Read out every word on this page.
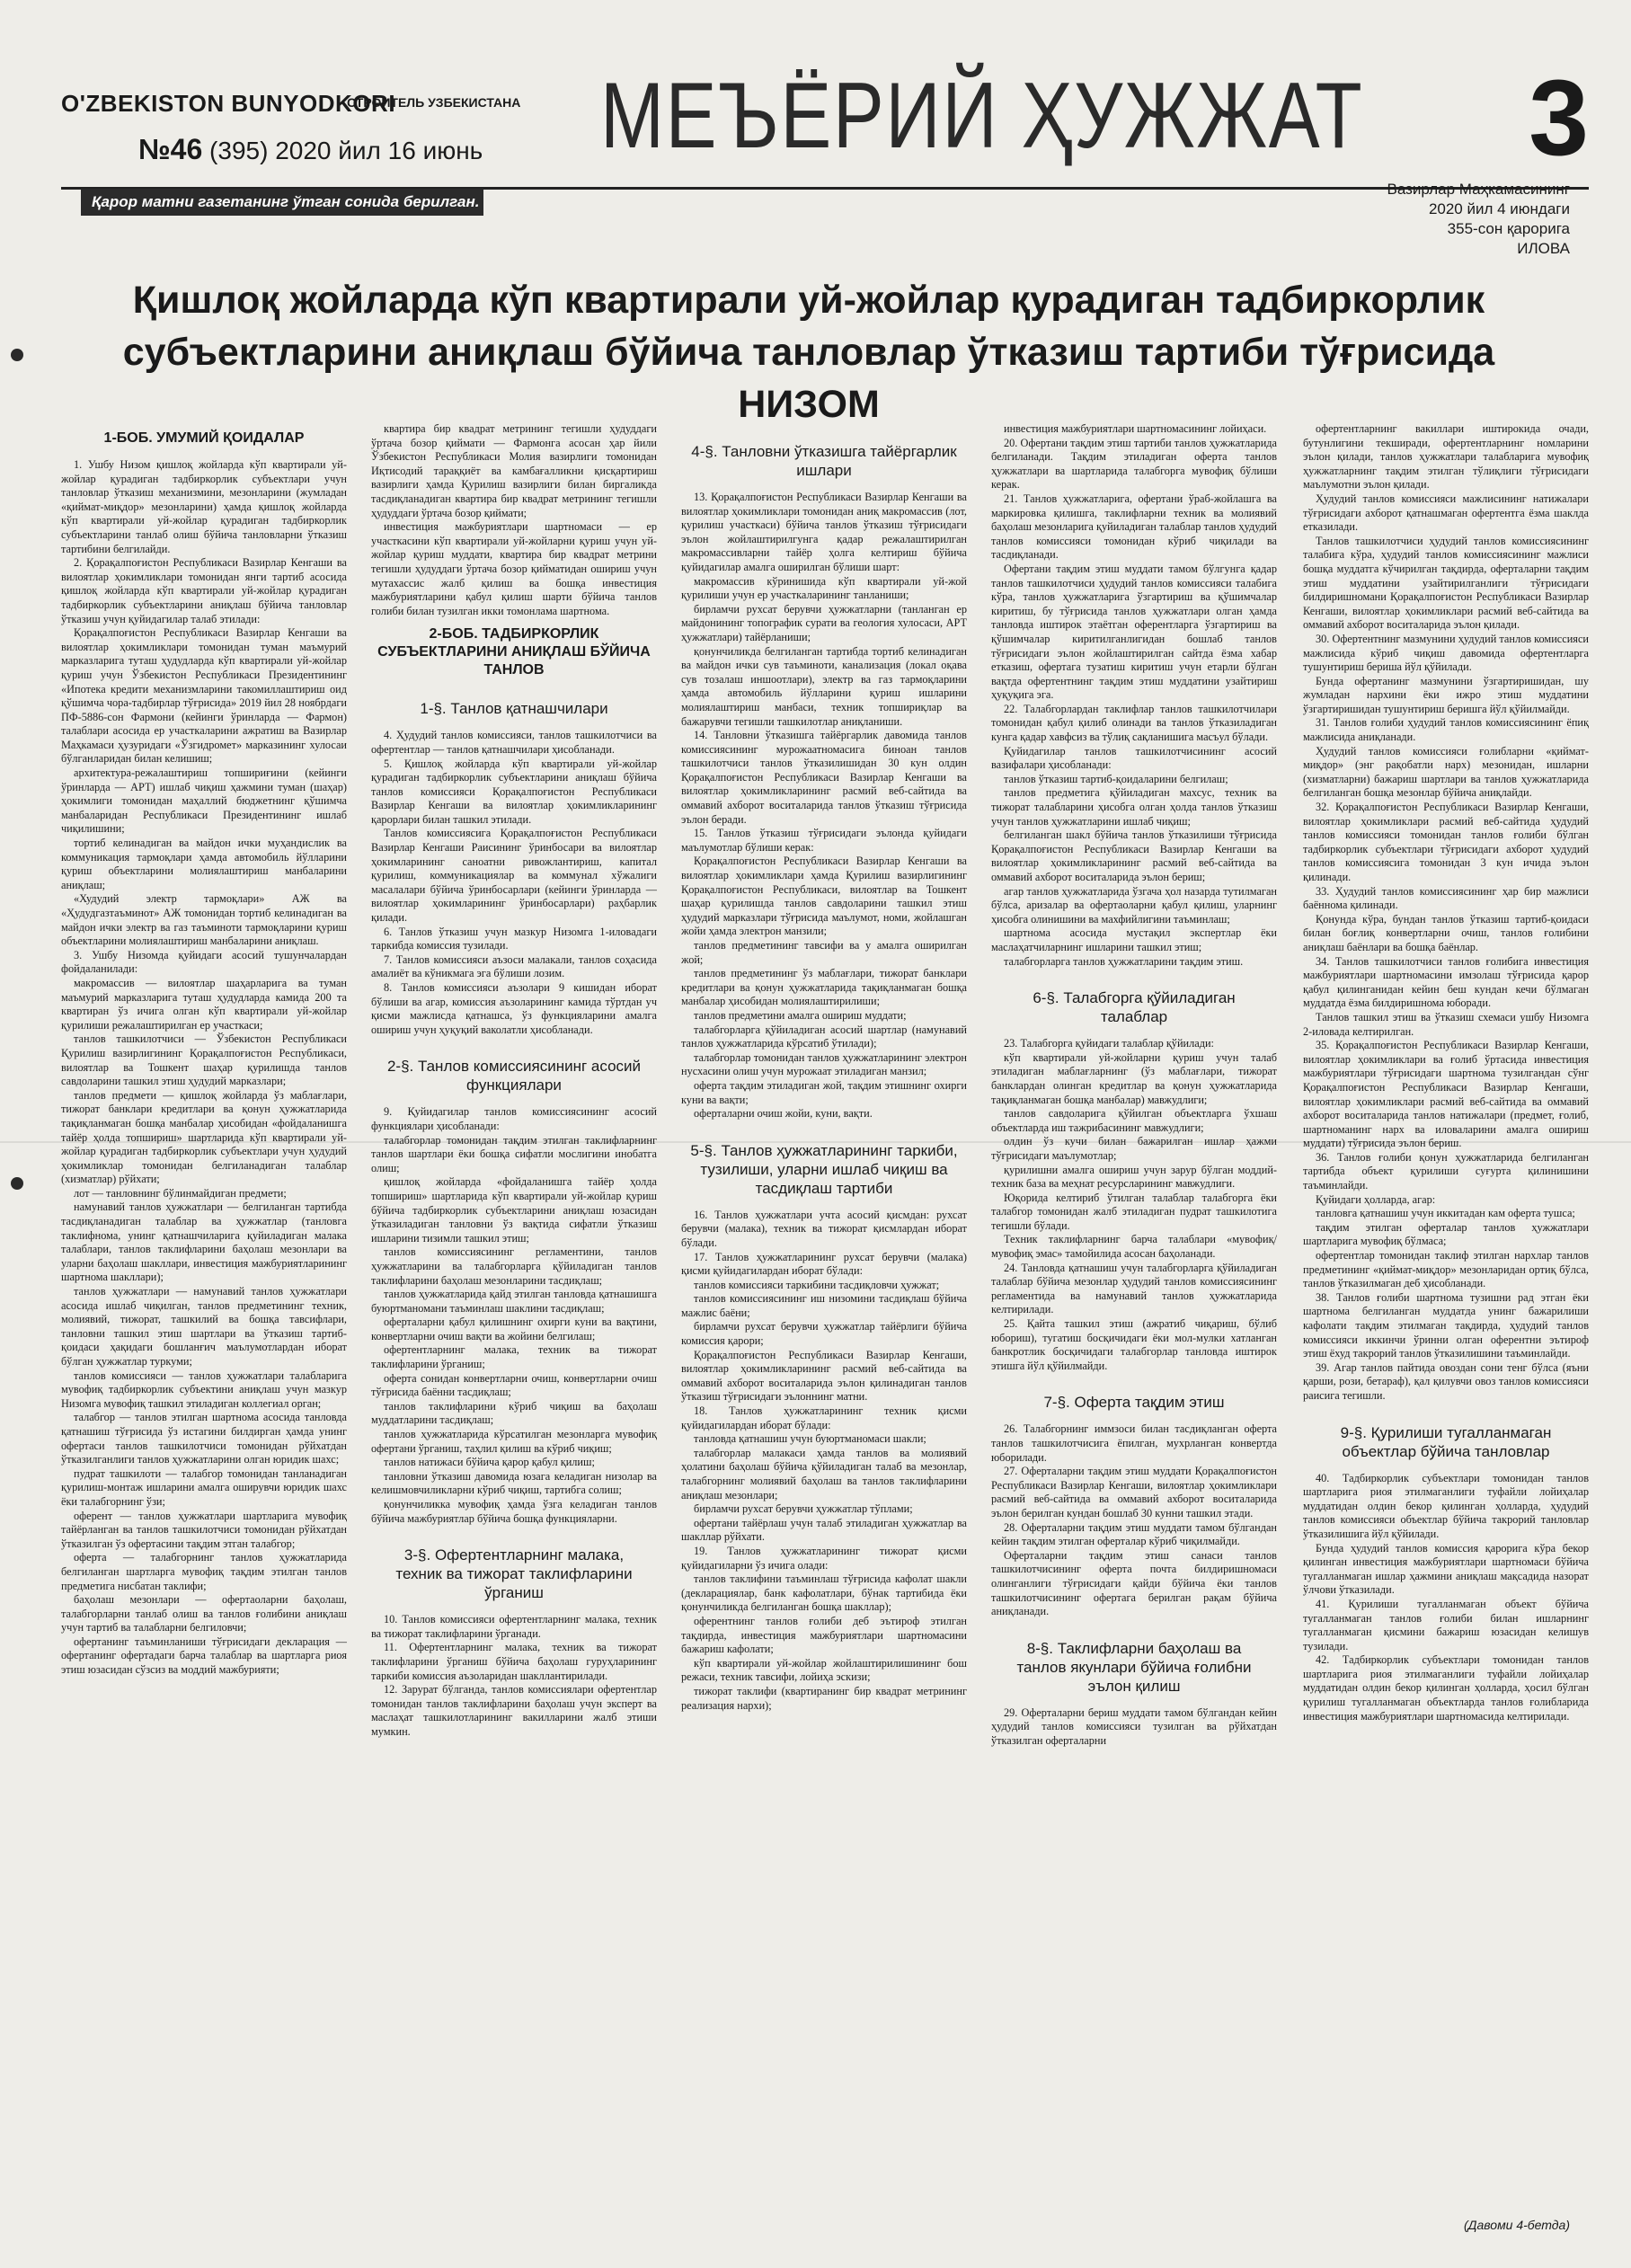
O'ZBEKISTON BUNYODKORI
СТРОИТЕЛЬ УЗБЕКИСТАНА
№46 (395) 2020 йил 16 июнь МЕЪЁРИЙ ҲУЖЖАТ 3
Қарор матни газетанинг ўтган сонида берилган.
Вазирлар Маҳкамасининг
2020 йил 4 июндаги
355-сон қарорига
ИЛОВА
Қишлоқ жойларда кўп квартирали уй-жойлар қурадиган тадбиркорлик
субъектларини аниқлаш бўйича танловлар ўтказиш тартиби тўғрисида
НИЗОМ
1-БОБ. УМУМИЙ ҚОИДАЛАР

1. Ушбу Низом қишлоқ жойларда кўп квартирали уй-жойлар қурадиган тадбиркорлик субъектлари учун танловлар ўтказиш механизмини, мезонларини (жумладан «қиймат-миқдор» мезонларини) ҳамда қишлоқ жойларда кўп квартирали уй-жойлар қурадиган тадбиркорлик субъектларини танлаб олиш бўйича танловларни ўтказиш тартибини белгилайди.

2. Қорақалпоғистон Республикаси Вазирлар Кенгаши ва вилоятлар ҳокимликлари томонидан янги тартиб асосида қишлоқ жойларда кўп квартирали уй-жойлар қурадиган тадбиркорлик субъектларини аниқлаш бўйича танловлар ўтказиш учун қуйидагилар талаб этилади:

Қорақалпоғистон Республикаси Вазирлар Кенгаши ва вилоятлар ҳокимликлари томонидан туман маъмурий марказларига туташ ҳудудларда кўп квартирали уй-жойлар қуриш учун Ўзбекистон Республикаси Президентининг «Ипотека кредити механизмларини такомиллаштириш оид қўшимча чора-тадбирлар тўғрисида» 2019 йил 28 ноябрдаги ПФ-5886-сон Фармони (кейинги ўринларда — Фармон) талаблари асосида ер участкаларини ажратиш ва Вазирлар Маҳкамаси ҳузуридаги «Ўзгидромет» марказининг хулосаи бўлганларидан билан келишиш;

архитектура-режалаштириш топшириғини (кейинги ўринларда — АРТ) ишлаб чиқиш ҳажмини туман (шаҳар) ҳокимлиги томонидан маҳаллий бюджетнинг қўшимча манбаларидан Республикаси Президентининг ишлаб чиқилишини;

тортиб келинадиган ва майдон ички муҳандислик ва коммуникация тармоқлари ҳамда автомобиль йўлларини қуриш объектларини молиялаштириш манбаларини аниқлаш;

«Худудий электр тармоқлари» АЖ ва «Ҳудудгазтаъминот» АЖ томонидан тортиб келинадиган ва майдон ички электр ва газ таъминоти тармоқларини қуриш объектларини молиялаштириш манбаларини аниқлаш.

3. Ушбу Низомда қуйидаги асосий тушунчалардан фойдаланилади:

макромассив — вилоятлар шаҳарларига ва туман маъмурий марказларига туташ ҳудудларда камида 200 та квартиран ўз ичига олган кўп квартирали уй-жойлар қурилиши режалаштирилган ер участкаси;

танлов ташкилотчиси — Ўзбекистон Республикаси Қурилиш вазирлигининг Қорақалпоғистон Республикаси, вилоятлар ва Тошкент шаҳар қурилишда танлов савдоларини ташкил этиш ҳудудий марказлари;

танлов предмети — қишлоқ жойларда ўз маблағлари, тижорат банклари кредитлари ва қонун ҳужжатларида тақиқланмаган бошқа манбалар ҳисобидан «фойдаланишга тайёр ҳолда топшириш» шартларида кўп квартирали уй-жойлар қурадиган тадбиркорлик субъектлари учун ҳудудий ҳокимликлар томонидан белгиланадиган талаблар (хизматлар) рўйхати;

лот — танловнинг бўлинмайдиган предмети;

намунавий танлов ҳужжатлари — белгиланган тартибда тасдиқланадиган талаблар ва ҳужжатлар (танловга таклифнома, унинг қатнашчиларига қуйиладиган малака талаблари, танлов таклифларини баҳолаш мезонлари ва уларни баҳолаш шакллари, инвестиция мажбуриятларининг шартнома шакллари);

танлов ҳужжатлари — намунавий танлов ҳужжатлари асосида ишлаб чиқилган, танлов предметининг техник, молиявий, тижорат, ташкилий ва бошқа тавсифлари, танловни ташкил этиш шартлари ва ўтказиш тартиб-қоидаси ҳақидаги бошланғич маълумотлардан иборат бўлган ҳужжатлар туркуми;

танлов комиссияси — танлов ҳужжатлари талабларига мувофиқ тадбиркорлик субъектини аниқлаш учун мазкур Низомга мувофиқ ташкил этиладиган коллегиал орган;

талабгор — танлов этилган шартнома асосида танловда қатнашиш тўғрисида ўз истагини билдирган ҳамда унинг офертаси танлов ташкилотчиси томонидан рўйхатдан ўтказилганлиги танлов ҳужжатларини олган юридик шахс;

пудрат ташкилоти — талабгор томонидан танланадиган қурилиш-монтаж ишларини амалга оширувчи юридик шахс ёки талабгорнинг ўзи;

оферент — танлов ҳужжатлари шартларига мувофиқ тайёрланган ва танлов ташкилотчиси томонидан рўйхатдан ўтказилган ўз офертасини тақдим этган талабгор;

оферта — талабгорнинг танлов ҳужжатларида белгиланган шартларга мувофиқ тақдим этилган танлов предметига нисбатан таклифи;

баҳолаш мезонлари — офертаоларни баҳолаш, талабгорларни танлаб олиш ва танлов ғолибини аниқлаш учун тартиб ва талабларни белгиловчи;

офертанинг таъминланиши тўғрисидаги декларация — офертанинг офертадаги барча талаблар ва шартларга риоя этиш юзасидан сўзсиз ва моддий мажбурияти;

квартира бир квадрат метрининг тегишли ҳудуддаги ўртача бозор қиймати — Фармонга асосан ҳар йили Ўзбекистон Республикаси Молия вазирлиги томонидан Иқтисодий тараққиёт ва камбағалликни қисқартириш вазирлиги ҳамда Қурилиш вазирлиги билан биргаликда тасдиқланадиган квартира бир квадрат метрининг тегишли ҳудуддаги ўртача бозор қиймати;

инвестиция мажбуриятлари шартномаси — ер участкасини кўп квартирали уй-жойларни қуриш учун уй-жойлар қуриш муддати, квартира бир квадрат метрини тегишли ҳудуддаги ўртача бозор қийматидан ошириш учун мутахассис жалб қилиш ва бошқа инвестиция мажбуриятларини қабул қилиш шарти бўйича танлов голиби билан тузилган икки томонлама шартнома.

2-БОБ. ТАДБИРКОРЛИК СУБЪЕКТЛАРИНИ АНИҚЛАШ БЎЙИЧА ТАНЛОВ
1-§. Танлов қатнашчилари

4. Ҳудудий танлов комиссияси, танлов ташкилотчиси ва офертентлар — танлов қатнашчилари ҳисобланади.

5. Қишлоқ жойларда кўп квартирали уй-жойлар қурадиган тадбиркорлик субъектларини аниқлаш бўйича танлов комиссияси Қорақалпоғистон Республикаси Вазирлар Кенгаши ва вилоятлар ҳокимликларининг қарорлари билан ташкил этилади.

Танлов комиссиясига Қорақалпоғистон Республикаси Вазирлар Кенгаши Раисининг ўринбосари ва вилоятлар ҳокимларининг саноатни ривожлантириш, капитал қурилиш, коммуникациялар ва коммунал хўжалиги масалалари бўйича ўринбосарлари (кейинги ўринларда — вилоятлар ҳокимларининг ўринбосарлари) раҳбарлик қилади.

6. Танлов ўтказиш учун мазкур Низомга 1-иловадаги таркибда комиссия тузилади.

7. Танлов комиссияси аъзоси малакали, танлов соҳасида амалиёт ва кўникмага эга бўлиши лозим.

8. Танлов комиссияси аъзолари 9 кишидан иборат бўлиши ва агар, комиссия аъзоларининг камида тўртдан уч қисми мажлисда қатнашса, ўз функцияларини амалга ошириш учун ҳуқуқий ваколатли ҳисобланади.

2-§. Танлов комиссиясининг асосий функциялари

9. Қуйидагилар танлов комиссиясининг асосий функциялари ҳисобланади:

талабгорлар томонидан тақдим этилган таклифларнинг танлов шартлари ёки бошқа сифатли мослигини инобатга олиш;

қишлоқ жойларда «фойдаланишга тайёр ҳолда топшириш» шартларида кўп квартирали уй-жойлар қуриш бўйича тадбиркорлик субъектларини аниқлаш юзасидан ўтказиладиган танловни ўз вақтида сифатли ўтказиш ишларини тизимли ташкил этиш;

танлов комиссиясининг регламентини, танлов ҳужжатларини ва талабгорларга қўйиладиган танлов таклифларини баҳолаш мезонларини тасдиқлаш;

танлов ҳужжатларида қайд этилган танловда қатнашишга буюртманомани таъминлаш шаклини тасдиқлаш;

оферталарни қабул қилишнинг охирги куни ва вақтини, конвертларни очиш вақти ва жойини белгилаш;

офертентларнинг малака, техник ва тижорат таклифларини ўрганиш;

оферта сонидан конвертларни очиш, конвертларни очиш тўғрисида баённи тасдиқлаш;

танлов таклифларини кўриб чиқиш ва баҳолаш муддатларини тасдиқлаш;

танлов ҳужжатларида кўрсатилган мезонларга мувофиқ офертани ўрганиш, таҳлил қилиш ва кўриб чиқиш;

танлов натижаси бўйича қарор қабул қилиш;

танловни ўтказиш давомида юзага келадиган низолар ва келишмовчиликларни кўриб чиқиш, тартибга солиш;

қонунчиликка мувофиқ ҳамда ўзга келадиган танлов бўйича мажбуриятлар бўйича бошқа функцияларни.

3-§. Офертентларнинг малака, техник ва тижорат таклифларини ўрганиш

10. Танлов комиссияси офертентларнинг малака, техник ва тижорат таклифларини ўрганади.

11. Офертентларнинг малака, техник ва тижорат таклифларини ўрганиш бўйича баҳолаш гуруҳларининг таркиби комиссия аъзоларидан шакллантирилади.

12. Зарурат бўлганда, танлов комиссиялари офертентлар томонидан танлов таклифларини баҳолаш учун эксперт ва маслаҳат ташкилотларининг вакилларини жалб этиши мумкин.

4-§. Танловни ўтказишга тайёргарлик ишлари

13. Қорақалпоғистон Республикаси Вазирлар Кенгаши ва вилоятлар ҳокимликлари томонидан аниқ макромассив (лот, қурилиш участкаси) бўйича танлов ўтказиш тўғрисидаги эълон жойлаштирилгунга қадар режалаштирилган макромассивларни тайёр ҳолга келтириш бўйича қуйидагилар амалга оширилган бўлиши шарт:

макромассив кўринишида кўп квартирали уй-жой қурилиши учун ер участкаларининг танланиши;

бирламчи рухсат берувчи ҳужжатларни (танланган ер майдонининг топографик сурати ва геология хулосаси, АРТ ҳужжатлари) тайёрланиши;

қонунчиликда белгиланган тартибда тортиб келинадиган ва майдон ички сув таъминоти, канализация (локал оқава сув тозалаш иншоотлари), электр ва газ тармоқларини ҳамда автомобиль йўлларини қуриш ишларини молиялаштириш манбаси, техник топшириқлар ва бажарувчи тегишли ташкилотлар аниқланиши.

14. Танловни ўтказишга тайёргарлик давомида танлов комиссиясининг мурожаатномасига биноан танлов ташкилотчиси танлов ўтказилишидан 30 кун олдин Қорақалпоғистон Республикаси Вазирлар Кенгаши ва вилоятлар ҳокимликларининг расмий веб-сайтида ва оммавий ахборот воситаларида танлов ўтказиш тўғрисида эълон беради.

15. Танлов ўтказиш тўғрисидаги эълонда қуйидаги маълумотлар бўлиши керак:

Қорақалпоғистон Республикаси Вазирлар Кенгаши ва вилоятлар ҳокимликлари ҳамда Қурилиш вазирлигининг Қорақалпоғистон Республикаси, вилоятлар ва Тошкент шаҳар қурилишда танлов савдоларини ташкил этиш ҳудудий марказлари тўғрисида маълумот, номи, жойлашган жойи ҳамда электрон манзили;

танлов предметининг тавсифи ва у амалга оширилган жой;

танлов предметининг ўз маблағлари, тижорат банклари кредитлари ва қонун ҳужжатларида тақиқланмаган бошқа манбалар ҳисобидан молиялаштирилиши;

танлов предметини амалга ошириш муддати;

талабгорларга қўйиладиган асосий шартлар (намунавий танлов ҳужжатларида кўрсатиб ўтилади);

талабгорлар томонидан танлов ҳужжатларининг электрон нусхасини олиш учун мурожаат этиладиган манзил;

оферта тақдим этиладиган жой, тақдим этишнинг охирги куни ва вақти;

оферталарни очиш жойи, куни, вақти.

5-§. Танлов ҳужжатларининг таркиби, тузилиши, уларни ишлаб чиқиш ва тасдиқлаш тартиби

16. Танлов ҳужжатлари учта асосий қисмдан: рухсат берувчи (малака), техник ва тижорат қисмлардан иборат бўлади.

17. Танлов ҳужжатларининг рухсат берувчи (малака) қисми қуйидагилардан иборат бўлади:

танлов комиссияси таркибини тасдиқловчи ҳужжат;

танлов комиссиясининг иш низомини тасдиқлаш бўйича мажлис баёни;

бирламчи рухсат берувчи ҳужжатлар тайёрлиги бўйича комиссия қарори;

Қорақалпоғистон Республикаси Вазирлар Кенгаши, вилоятлар ҳокимликларининг расмий веб-сайтида ва оммавий ахборот воситаларида эълон қилинадиган танлов ўтказиш тўғрисидаги эълоннинг матни.

18. Танлов ҳужжатларининг техник қисми қуйидагилардан иборат бўлади:

танловда қатнашиш учун буюртманомаси шакли;

талабгорлар малакаси ҳамда танлов ва молиявий ҳолатини баҳолаш бўйича қўйиладиган талаб ва мезонлар, талабгорнинг молиявий баҳолаш ва танлов таклифларини аниқлаш мезонлари;

бирламчи рухсат берувчи ҳужжатлар тўплами;

офертани тайёрлаш учун талаб этиладиган ҳужжатлар ва шакллар рўйхати.

19. Танлов ҳужжатларининг тижорат қисми қуйидагиларни ўз ичига олади:

танлов таклифини таъминлаш тўғрисида кафолат шакли (декларациялар, банк кафолатлари, бўнак тартибида ёки қонунчиликда белгиланган бошқа шакллар);

оферентнинг танлов ғолиби деб эътироф этилган тақдирда, инвестиция мажбуриятлари шартномасини бажариш кафолати;

кўп квартирали уй-жойлар жойлаштирилишининг бош режаси, техник тавсифи, лойиҳа эскизи;

тижорат таклифи (квартиранинг бир квадрат метрининг реализация нархи);

инвестиция мажбуриятлари шартномасининг лойиҳаси.

20. Офертани тақдим этиш тартиби танлов ҳужжатларида белгиланади. Тақдим этиладиган оферта танлов ҳужжатлари ва шартларида талабгорга мувофиқ бўлиши керак.

21. Танлов ҳужжатларига, офертани ўраб-жойлашга ва маркировка қилишга, таклифларни техник ва молиявий баҳолаш мезонларига қуйиладиган талаблар танлов ҳудудий танлов комиссияси томонидан кўриб чиқилади ва тасдиқланади.

Офертани тақдим этиш муддати тамом бўлгунга қадар танлов ташкилотчиси ҳудудий танлов комиссияси талабига кўра, танлов ҳужжатларига ўзгартириш ва қўшимчалар киритиш, бу тўғрисида танлов ҳужжатлари олган ҳамда танловда иштирок этаётган оферентларга ўзгартириш ва қўшимчалар киритилганлигидан бошлаб танлов тўғрисидаги эълон жойлаштирилган сайтда ёзма хабар етказиш, офертага тузатиш киритиш учун етарли бўлган вақтда офертентнинг тақдим этиш муддатини узайтириш ҳуқуқига эга.

22. Талабгорлардан таклифлар танлов ташкилотчилари томонидан қабул қилиб олинади ва танлов ўтказиладиган кунга қадар хавфсиз ва тўлиқ сақланишига масъул бўлади.

Қуйидагилар танлов ташкилотчисининг асосий вазифалари ҳисобланади:

танлов ўтказиш тартиб-қоидаларини белгилаш;

танлов предметига қўйиладиган махсус, техник ва тижорат талабларини ҳисобга олган ҳолда танлов ўтказиш учун танлов ҳужжатларини ишлаб чиқиш;

белгиланган шакл бўйича танлов ўтказилиши тўғрисида Қорақалпоғистон Республикаси Вазирлар Кенгаши ва вилоятлар ҳокимликларининг расмий веб-сайтида ва оммавий ахборот воситаларида эълон бериш;

агар танлов ҳужжатларида ўзгача ҳол назарда тутилмаган бўлса, аризалар ва офертаоларни қабул қилиш, уларнинг ҳисобга олинишини ва махфийлигини таъминлаш;

шартнома асосида мустақил экспертлар ёки маслаҳатчиларнинг ишларини ташкил этиш;

талабгорларга танлов ҳужжатларини тақдим этиш.

6-§. Талабгорга қўйиладиган талаблар

23. Талабгорга қуйидаги талаблар қўйилади:

кўп квартирали уй-жойларни қуриш учун талаб этиладиган маблағларнинг (ўз маблағлари, тижорат банклардан олинган кредитлар ва қонун ҳужжатларида тақиқланмаган бошқа манбалар) мавжудлиги;

танлов савдоларига қўйилган объектларга ўхшаш объектларда иш тажрибасининг мавжудлиги;

олдин ўз кучи билан бажарилган ишлар ҳажми тўғрисидаги маълумотлар;

қурилишни амалга ошириш учун зарур бўлган моддий-техник база ва меҳнат ресурсларининг мавжудлиги.

Юқорида келтириб ўтилган талаблар талабгорга ёки талабгор томонидан жалб этиладиган пудрат ташкилотига тегишли бўлади.

Техник таклифларнинг барча талаблари «мувофиқ/мувофиқ эмас» тамойилида асосан баҳоланади.

24. Танловда қатнашиш учун талабгорларга қўйиладиган талаблар бўйича мезонлар ҳудудий танлов комиссиясининг регламентида ва намунавий танлов ҳужжатларида келтирилади.

25. Қайта ташкил этиш (ажратиб чиқариш, бўлиб юбориш), тугатиш босқичидаги ёки мол-мулки хатланган банкротлик босқичидаги талабгорлар танловда иштирок этишга йўл қўйилмайди.

7-§. Оферта тақдим этиш

26. Талабгорнинг иммзоси билан тасдиқланган оферта танлов ташкилотчисига ёпилган, мухрланган конвертда юборилади.

27. Оферталарни тақдим этиш муддати Қорақалпоғистон Республикаси Вазирлар Кенгаши, вилоятлар ҳокимликлари расмий веб-сайтида ва оммавий ахборот воситаларида эълон берилган кундан бошлаб 30 кунни ташкил этади.

28. Оферталарни тақдим этиш муддати тамом бўлгандан кейин тақдим этилган оферталар кўриб чиқилмайди.

Оферталарни тақдим этиш санаси танлов ташкилотчисининг оферта почта билдиришномаси олинганлиги тўғрисидаги қайди бўйича ёки танлов ташкилотчисининг офертага берилган рақам бўйича аниқланади.

8-§. Таклифларни баҳолаш ва танлов якунлари бўйича ғолибни эълон қилиш

29. Оферталарни бериш муддати тамом бўлгандан кейин ҳудудий танлов комиссияси тузилган ва рўйхатдан ўтказилган оферталарни

офертентларнинг вакиллари иштирокида очади, бутунлигини текширади, офертентларнинг номларини эълон қилади, танлов ҳужжатлари талабларига мувофиқ ҳужжатларнинг тақдим этилган тўлиқлиги тўғрисидаги маълумотни эълон қилади.

Ҳудудий танлов комиссияси мажлисининг натижалари тўғрисидаги ахборот қатнашмаган офертентга ёзма шаклда етказилади.

Танлов ташкилотчиси ҳудудий танлов комиссиясининг талабига кўра, ҳудудий танлов комиссиясининг мажлиси бошқа муддатга кўчирилган тақдирда, оферталарни тақдим этиш муддатини узайтирилганлиги тўғрисидаги билдиришномани Қорақалпоғистон Республикаси Вазирлар Кенгаши, вилоятлар ҳокимликлари расмий веб-сайтида ва оммавий ахборот воситаларида эълон қилади.

30. Офертентнинг мазмунини ҳудудий танлов комиссияси мажлисида кўриб чиқиш давомида офертентларга тушунтириш бериша йўл қўйилади.

Бунда офертанинг мазмунини ўзгартиришидан, шу жумладан нархини ёки ижро этиш муддатини ўзгартиришидан тушунтириш беришга йўл қўйилмайди.

31. Танлов ғолиби ҳудудий танлов комиссиясининг ёпиқ мажлисида аниқланади.

Ҳудудий танлов комиссияси ғолибларни «қиймат-миқдор» (энг рақобатли нарх) мезонидан, ишларни (хизматларни) бажариш шартлари ва танлов ҳужжатларида белгиланган бошқа мезонлар бўйича аниқлайди.

32. Қорақалпоғистон Республикаси Вазирлар Кенгаши, вилоятлар ҳокимликлари расмий веб-сайтида ҳудудий танлов комиссияси томонидан танлов ғолиби бўлган тадбиркорлик субъектлари тўғрисидаги ахборот ҳудудий танлов комиссиясига томонидан 3 кун ичида эълон қилинади.

33. Ҳудудий танлов комиссиясининг ҳар бир мажлиси баённома қилинади.

Қонунда кўра, бундан танлов ўтказиш тартиб-қоидаси билан боғлиқ конвертларни очиш, танлов ғолибини аниқлаш баёнлари ва бошқа баёнлар.

34. Танлов ташкилотчиси танлов ғолибига инвестиция мажбуриятлари шартномасини имзолаш тўғрисида қарор қабул қилинганидан кейин беш кундан кечи бўлмаган муддатда ёзма билдиришнома юборади.

Танлов ташкил этиш ва ўтказиш схемаси ушбу Низомга 2-иловада келтирилган.

35. Қорақалпоғистон Республикаси Вазирлар Кенгаши, вилоятлар ҳокимликлари ва ғолиб ўртасида инвестиция мажбуриятлари тўғрисидаги шартнома тузилгандан сўнг Қорақалпоғистон Республикаси Вазирлар Кенгаши, вилоятлар ҳокимликлари расмий веб-сайтида ва оммавий ахборот воситаларида танлов натижалари (предмет, ғолиб, шартноманинг нарх ва иловаларини амалга ошириш муддати) тўғрисида эълон бериш.

36. Танлов ғолиби қонун ҳужжатларида белгиланган тартибда объект қурилиши суғурта қилинишини таъминлайди.

Қуйидаги ҳолларда, агар:

танловга қатнашиш учун иккитадан кам офертa тушса;

тақдим этилган оферталар танлов ҳужжатлари шартларига мувофиқ бўлмаса;

офертентлар томонидан таклиф этилган нархлар танлов предметининг «қиймат-миқдор» мезонларидан ортиқ бўлса, танлов ўтказилмаган деб ҳисобланади.

38. Танлов ғолиби шартнома тузишни рад этган ёки шартнома белгиланган муддатда унинг бажарилиши кафолати тақдим этилмаган тақдирда, ҳудудий танлов комиссияси иккинчи ўринни олган оферентни эътироф этиш ёхуд такрорий танлов ўтказилишини таъминлайди.

39. Агар танлов пайтида овоздан сони тенг бўлса (яъни қарши, рози, бетараф), қал қилувчи овоз танлов комиссияси раисига тегишли.

9-§. Қурилиши тугалланмаган объектлар бўйича танловлар

40. Тадбиркорлик субъектлари томонидан танлов шартларига риоя этилмаганлиги туфайли лойиҳалар муддатидан олдин бекор қилинган ҳолларда, ҳудудий танлов комиссияси объектлар бўйича такрорий танловлар ўтказилишига йўл қўйилади.

Бунда ҳудудий танлов комиссия қарорига кўра бекор қилинган инвестиция мажбуриятлари шартномаси бўйича тугалланмаган ишлар ҳажмини аниқлаш мақсадида назорат ўлчови ўтказилади.

41. Қурилиши тугалланмаган объект бўйича тугалланмаган танлов ғолиби билан ишларнинг тугалланмаган қисмини бажариш юзасидан келишув тузилади.

42. Тадбиркорлик субъектлари томонидан танлов шартларига риоя этилмаганлиги туфайли лойиҳалар муддатидан олдин бекор қилинган ҳолларда, ҳосил бўлган қурилиш тугалланмаган объектларда танлов ғолибларида инвестиция мажбуриятлари шартномасида келтирилади.

(Давоми 4-бетда)
